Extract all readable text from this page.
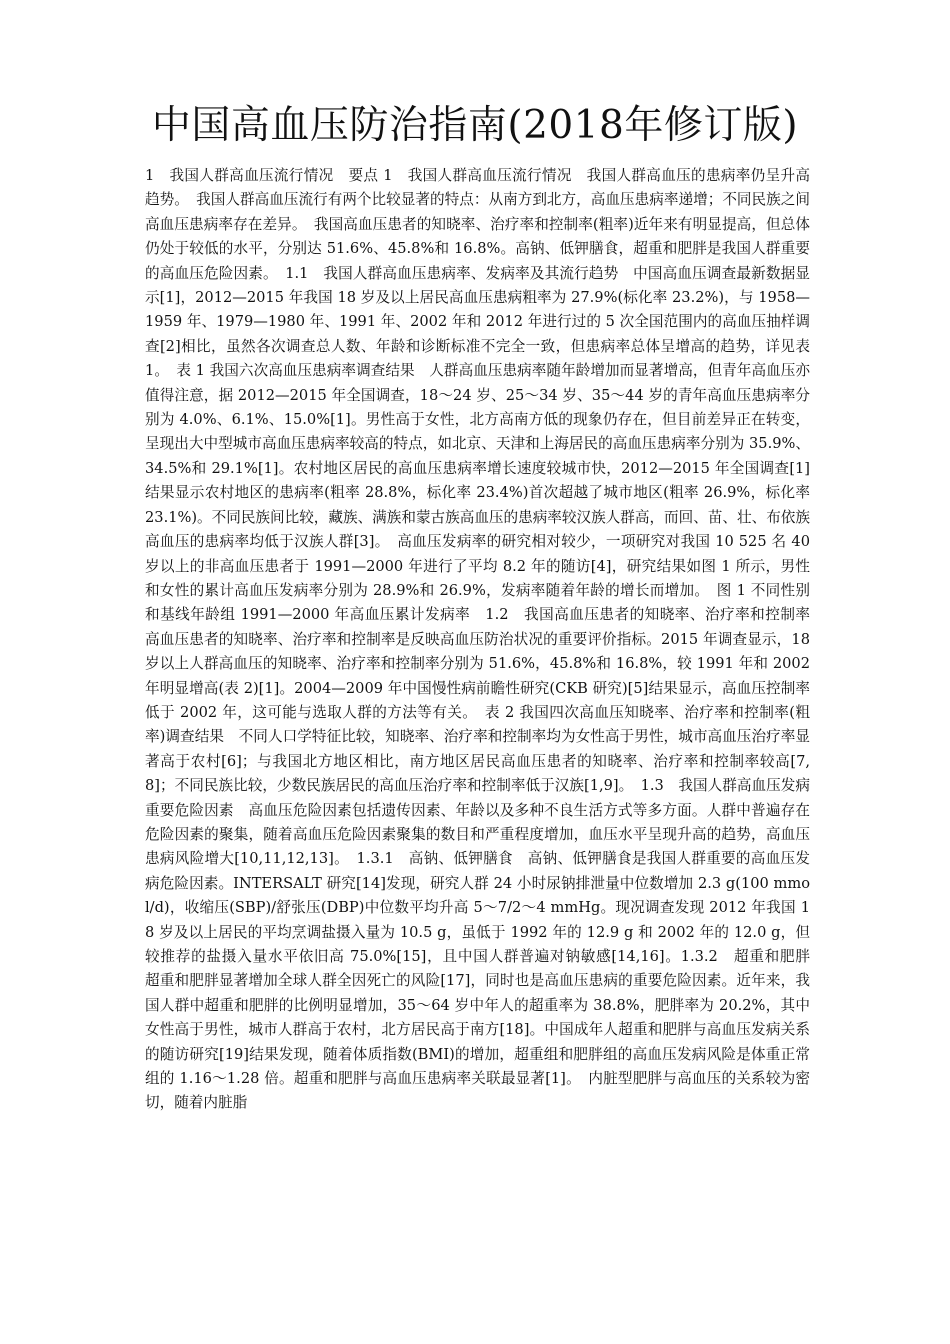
中国高血压防治指南(2018年修订版)

1　我国人群高血压流行情况　要点 1　我国人群高血压流行情况　我国人群高血压的患病率仍呈升高趋势。　我国人群高血压流行有两个比较显著的特点：从南方到北方，高血压患病率递增；不同民族之间高血压患病率存在差异。　我国高血压患者的知晓率、治疗率和控制率(粗率)近年来有明显提高，但总体仍处于较低的水平，分别达 51.6%、45.8%和 16.8%。高钠、低钾膳食，超重和肥胖是我国人群重要的高血压危险因素。　1.1　我国人群高血压患病率、发病率及其流行趋势　中国高血压调查最新数据显示[1]，2012—2015 年我国 18 岁及以上居民高血压患病粗率为 27.9%(标化率 23.2%)，与 1958—1959 年、1979—1980 年、1991 年、2002 年和 2012 年进行过的 5 次全国范围内的高血压抽样调查[2]相比，虽然各次调查总人数、年龄和诊断标准不完全一致，但患病率总体呈增高的趋势，详见表 1。　表 1 我国六次高血压患病率调查结果　人群高血压患病率随年龄增加而显著增高，但青年高血压亦值得注意，据 2012—2015 年全国调查，18～24 岁、25～34 岁、35～44 岁的青年高血压患病率分别为 4.0%、6.1%、15.0%[1]。男性高于女性，北方高南方低的现象仍存在，但目前差异正在转变，呈现出大中型城市高血压患病率较高的特点，如北京、天津和上海居民的高血压患病率分别为 35.9%、34.5%和 29.1%[1]。农村地区居民的高血压患病率增长速度较城市快，2012—2015 年全国调查[1]结果显示农村地区的患病率(粗率 28.8%，标化率 23.4%)首次超越了城市地区(粗率 26.9%，标化率 23.1%)。不同民族间比较，藏族、满族和蒙古族高血压的患病率较汉族人群高，而回、苗、壮、布依族高血压的患病率均低于汉族人群[3]。　高血压发病率的研究相对较少，一项研究对我国 10 525 名 40 岁以上的非高血压患者于 1991—2000 年进行了平均 8.2 年的随访[4]，研究结果如图 1 所示，男性和女性的累计高血压发病率分别为 28.9%和 26.9%，发病率随着年龄的增长而增加。　图 1 不同性别和基线年龄组 1991—2000 年高血压累计发病率　1.2　我国高血压患者的知晓率、治疗率和控制率　高血压患者的知晓率、治疗率和控制率是反映高血压防治状况的重要评价指标。2015 年调查显示，18 岁以上人群高血压的知晓率、治疗率和控制率分别为 51.6%，45.8%和 16.8%，较 1991 年和 2002 年明显增高(表 2)[1]。2004—2009 年中国慢性病前瞻性研究(CKB 研究)[5]结果显示，高血压控制率低于 2002 年，这可能与选取人群的方法等有关。　表 2 我国四次高血压知晓率、治疗率和控制率(粗率)调查结果　不同人口学特征比较，知晓率、治疗率和控制率均为女性高于男性，城市高血压治疗率显著高于农村[6]；与我国北方地区相比，南方地区居民高血压患者的知晓率、治疗率和控制率较高[7,8]；不同民族比较，少数民族居民的高血压治疗率和控制率低于汉族[1,9]。　1.3　我国人群高血压发病重要危险因素　高血压危险因素包括遗传因素、年龄以及多种不良生活方式等多方面。人群中普遍存在危险因素的聚集，随着高血压危险因素聚集的数目和严重程度增加，血压水平呈现升高的趋势，高血压患病风险增大[10,11,12,13]。　1.3.1　高钠、低钾膳食　高钠、低钾膳食是我国人群重要的高血压发病危险因素。INTERSALT 研究[14]发现，研究人群 24 小时尿钠排泄量中位数增加 2.3 g(100 mmol/d)，收缩压(SBP)/舒张压(DBP)中位数平均升高 5～7/2～4 mmHg。现况调查发现 2012 年我国 18 岁及以上居民的平均烹调盐摄入量为 10.5 g，虽低于 1992 年的 12.9 g 和 2002 年的 12.0 g，但较推荐的盐摄入量水平依旧高 75.0%[15]，且中国人群普遍对钠敏感[14,16]。1.3.2　超重和肥胖　超重和肥胖显著增加全球人群全因死亡的风险[17]，同时也是高血压患病的重要危险因素。近年来，我国人群中超重和肥胖的比例明显增加，35～64 岁中年人的超重率为 38.8%，肥胖率为 20.2%，其中女性高于男性，城市人群高于农村，北方居民高于南方[18]。中国成年人超重和肥胖与高血压发病关系的随访研究[19]结果发现，随着体质指数(BMI)的增加，超重组和肥胖组的高血压发病风险是体重正常组的 1.16～1.28 倍。超重和肥胖与高血压患病率关联最显著[1]。　内脏型肥胖与高血压的关系较为密切，随着内脏脂
